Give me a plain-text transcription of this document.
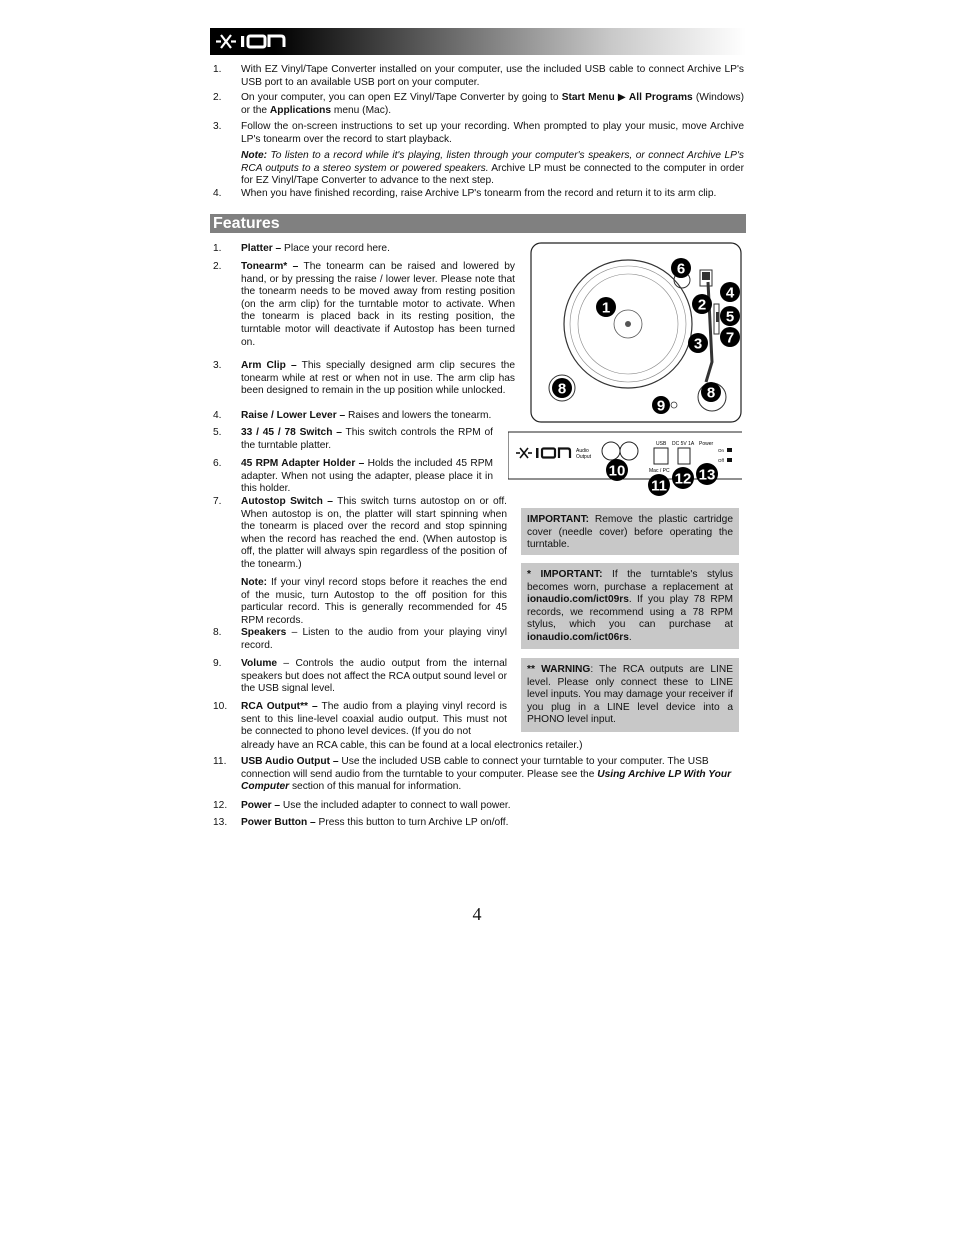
1. With EZ Vinyl/Tape Converter installed on your computer, use the included USB cable to connect Archive LP's USB port to an available USB port on your computer.
2. On your computer, you can open EZ Vinyl/Tape Converter by going to Start Menu ▶ All Programs (Windows) or the Applications menu (Mac).
3. Follow the on-screen instructions to set up your recording. When prompted to play your music, move Archive LP's tonearm over the record to start playback.
Note: To listen to a record while it's playing, listen through your computer's speakers, or connect Archive LP's RCA outputs to a stereo system or powered speakers. Archive LP must be connected to the computer in order for EZ Vinyl/Tape Converter to advance to the next step.
4. When you have finished recording, raise Archive LP's tonearm from the record and return it to its arm clip.
Features
1. Platter – Place your record here.
2. Tonearm* – The tonearm can be raised and lowered by hand, or by pressing the raise / lower lever. Please note that the tonearm needs to be moved away from resting position (on the arm clip) for the turntable motor to activate. When the tonearm is placed back in its resting position, the turntable motor will deactivate if Autostop has been turned on.
3. Arm Clip – This specially designed arm clip secures the tonearm while at rest or when not in use. The arm clip has been designed to remain in the up position while unlocked.
4. Raise / Lower Lever – Raises and lowers the tonearm.
5. 33 / 45 / 78 Switch – This switch controls the RPM of the turntable platter.
6. 45 RPM Adapter Holder – Holds the included 45 RPM adapter. When not using the adapter, please place it in this holder.
7. Autostop Switch – This switch turns autostop on or off. When autostop is on, the platter will start spinning when the tonearm is placed over the record and stop spinning when the record has reached the end. (When autostop is off, the platter will always spin regardless of the position of the tonearm.)
Note: If your vinyl record stops before it reaches the end of the music, turn Autostop to the off position for this particular record. This is generally recommended for 45 RPM records.
8. Speakers – Listen to the audio from your playing vinyl record.
9. Volume – Controls the audio output from the internal speakers but does not affect the RCA output sound level or the USB signal level.
10. RCA Output** – The audio from a playing vinyl record is sent to this line-level coaxial audio output. This must not be connected to phono level devices. (If you do not
already have an RCA cable, this can be found at a local electronics retailer.)
11. USB Audio Output – Use the included USB cable to connect your turntable to your computer. The USB connection will send audio from the turntable to your computer. Please see the Using Archive LP With Your Computer section of this manual for information.
12. Power – Use the included adapter to connect to wall power.
13. Power Button – Press this button to turn Archive LP on/off.
1	2
3
4
5
6
7
8	8
9
Audio
Output
USB
Mac / PC
DC 5V 1A Power
On
Off
10
11 12 13
IMPORTANT: Remove the plastic cartridge cover (needle cover) before operating the turntable.
* IMPORTANT: If the turntable's stylus becomes worn, purchase a replacement at ionaudio.com/ict09rs. If you play 78 RPM records, we recommend using a 78 RPM stylus, which you can purchase at ionaudio.com/ict06rs.
** WARNING: The RCA outputs are LINE level. Please only connect these to LINE level inputs. You may damage your receiver if you plug in a LINE level device into a PHONO level input.
4
